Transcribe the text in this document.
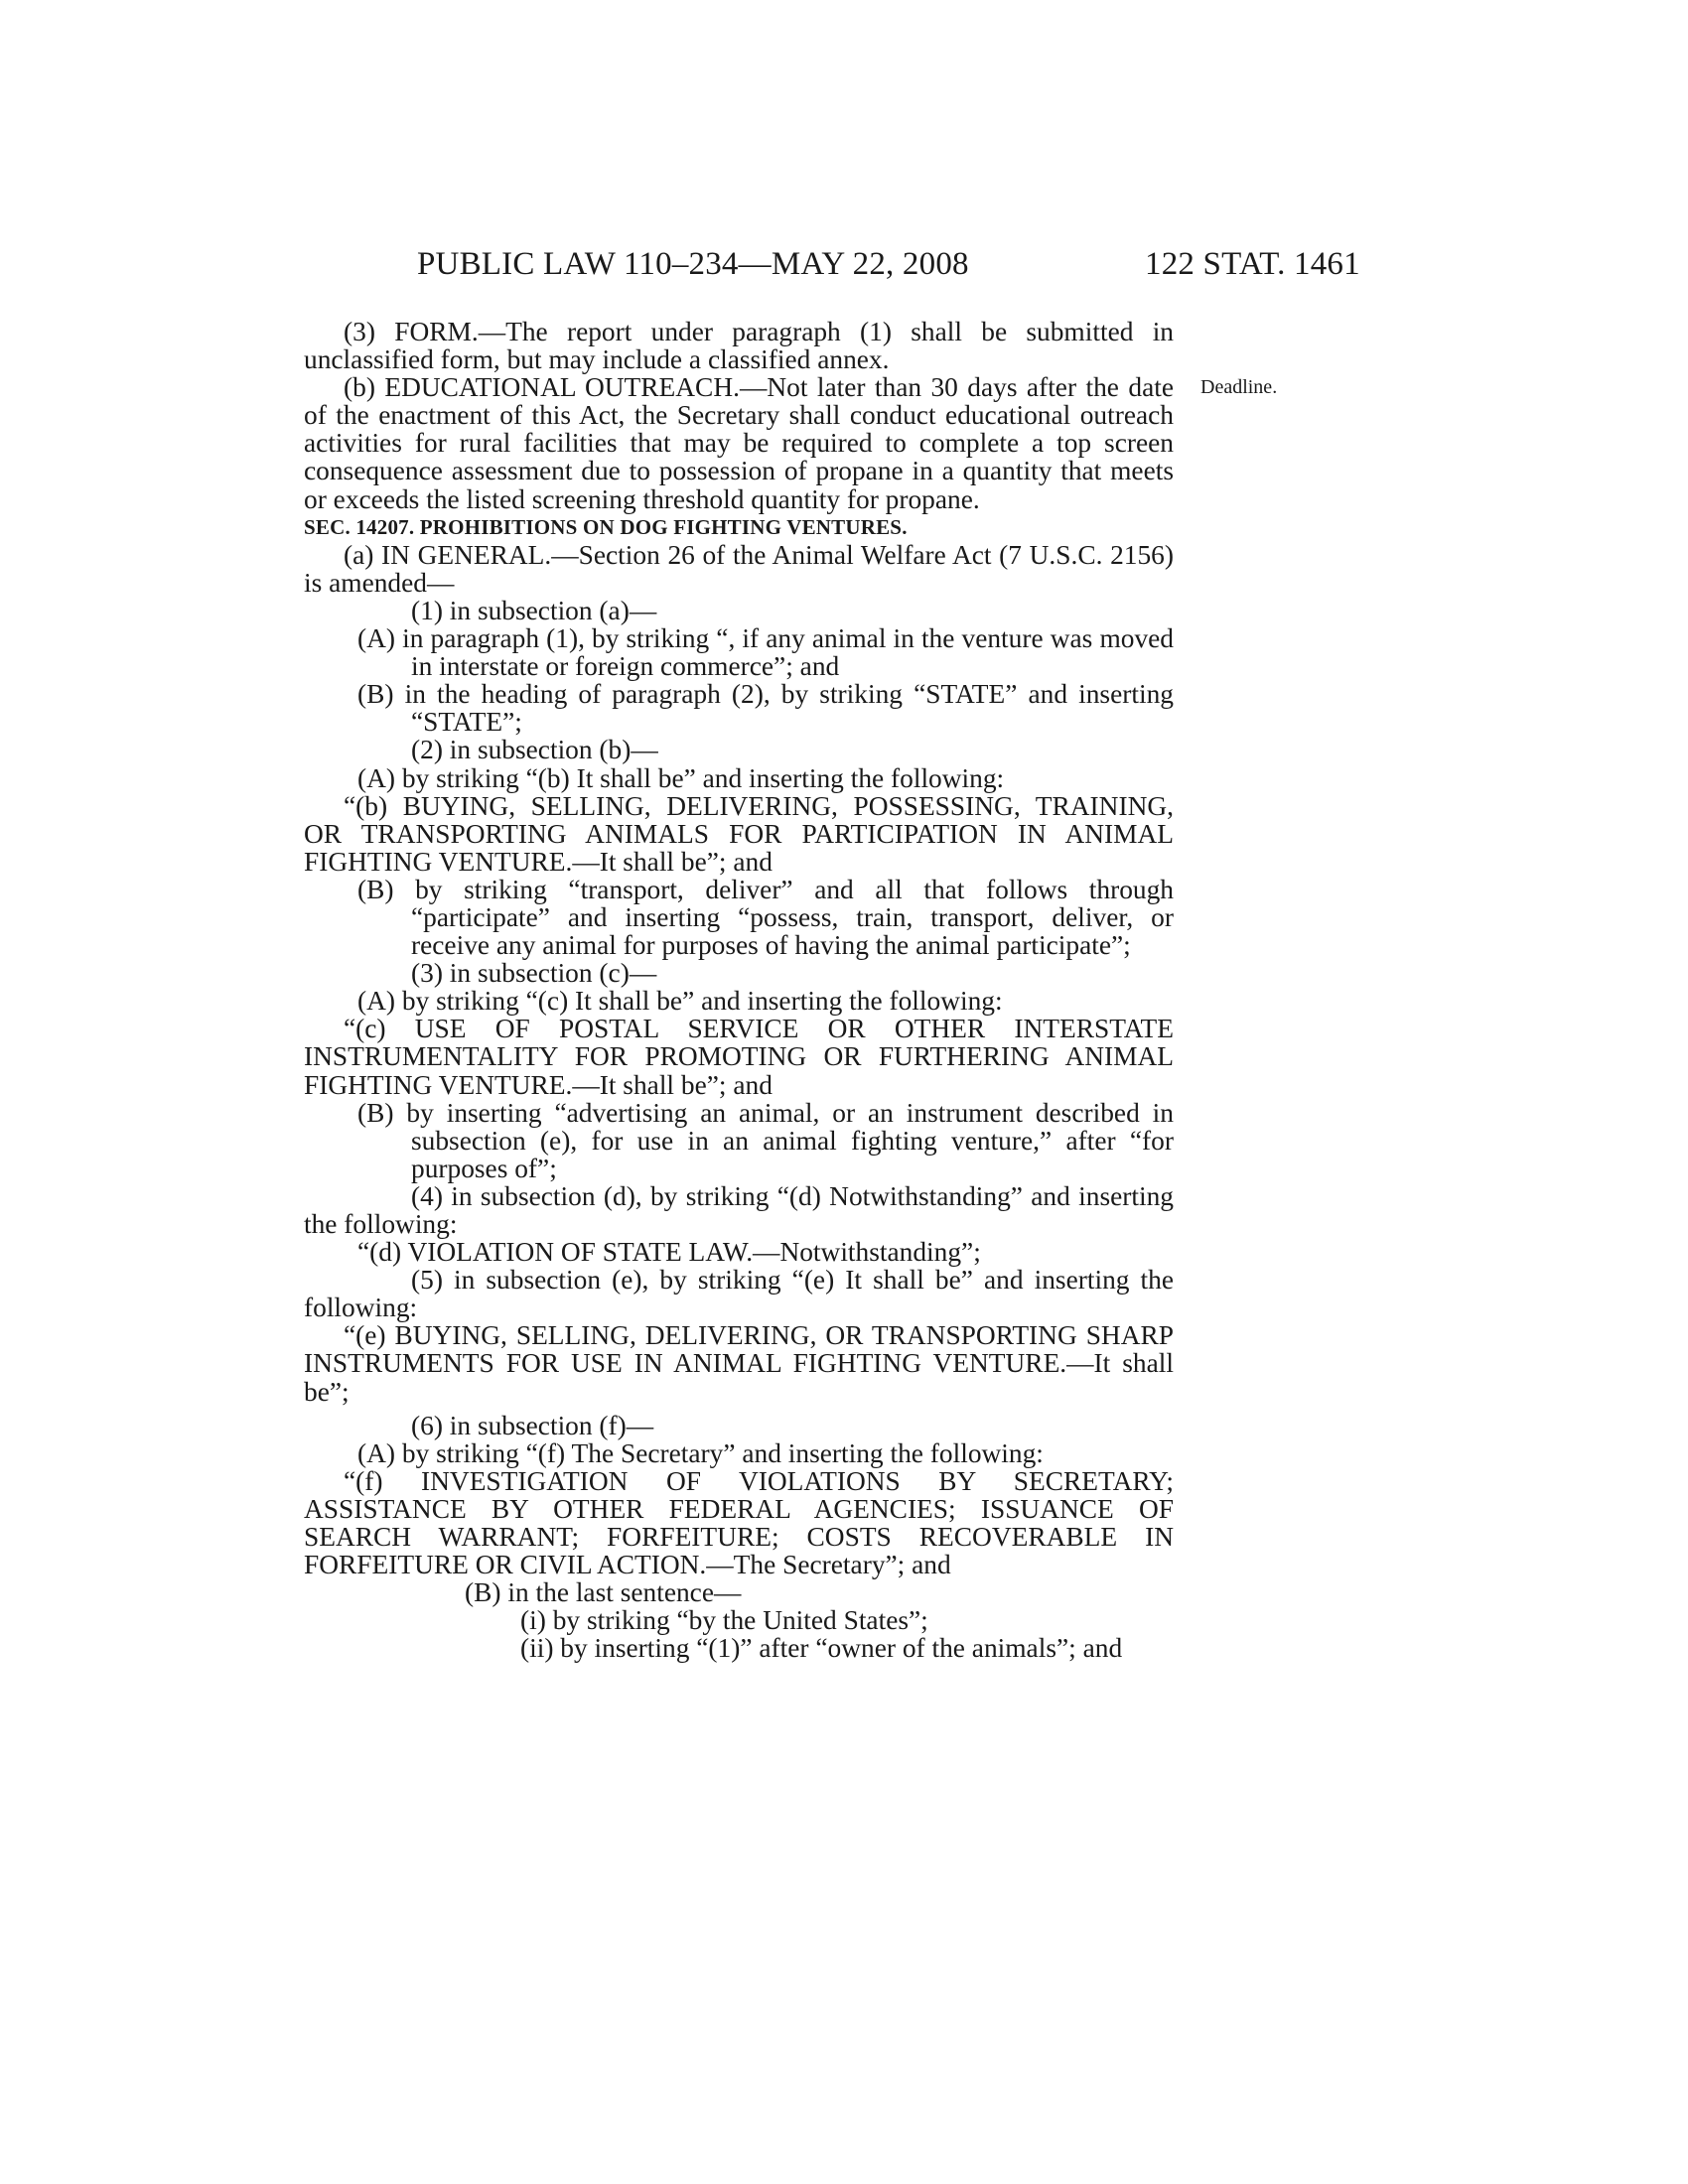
PUBLIC LAW 110–234—MAY 22, 2008	122 STAT. 1461
Deadline.

(3) FORM.—The report under paragraph (1) shall be submitted in unclassified form, but may include a classified annex.

(b) EDUCATIONAL OUTREACH.—Not later than 30 days after the date of the enactment of this Act, the Secretary shall conduct educational outreach activities for rural facilities that may be required to complete a top screen consequence assessment due to possession of propane in a quantity that meets or exceeds the listed screening threshold quantity for propane.

SEC. 14207. PROHIBITIONS ON DOG FIGHTING VENTURES.

(a) IN GENERAL.—Section 26 of the Animal Welfare Act (7 U.S.C. 2156) is amended—

(1) in subsection (a)—

(A) in paragraph (1), by striking “, if any animal in the venture was moved in interstate or foreign commerce”; and

(B) in the heading of paragraph (2), by striking “STATE” and inserting “STATE”;

(2) in subsection (b)—

(A) by striking “(b) It shall be” and inserting the following:

“(b) BUYING, SELLING, DELIVERING, POSSESSING, TRAINING, OR TRANSPORTING ANIMALS FOR PARTICIPATION IN ANIMAL FIGHTING VENTURE.—It shall be”; and

(B) by striking “transport, deliver” and all that follows through “participate” and inserting “possess, train, transport, deliver, or receive any animal for purposes of having the animal participate”;

(3) in subsection (c)—

(A) by striking “(c) It shall be” and inserting the following:

“(c) USE OF POSTAL SERVICE OR OTHER INTERSTATE INSTRUMENTALITY FOR PROMOTING OR FURTHERING ANIMAL FIGHTING VENTURE.—It shall be”; and

(B) by inserting “advertising an animal, or an instrument described in subsection (e), for use in an animal fighting venture,” after “for purposes of”;

(4) in subsection (d), by striking “(d) Notwithstanding” and inserting the following:

“(d) VIOLATION OF STATE LAW.—Notwithstanding”;

(5) in subsection (e), by striking “(e) It shall be” and inserting the following:

“(e) BUYING, SELLING, DELIVERING, OR TRANSPORTING SHARP INSTRUMENTS FOR USE IN ANIMAL FIGHTING VENTURE.—It shall be”;

(6) in subsection (f)—

(A) by striking “(f) The Secretary” and inserting the following:

“(f) INVESTIGATION OF VIOLATIONS BY SECRETARY; ASSISTANCE BY OTHER FEDERAL AGENCIES; ISSUANCE OF SEARCH WARRANT; FORFEITURE; COSTS RECOVERABLE IN FORFEITURE OR CIVIL ACTION.—The Secretary”; and

(B) in the last sentence—

(i) by striking “by the United States”;

(ii) by inserting “(1)” after “owner of the animals”; and
